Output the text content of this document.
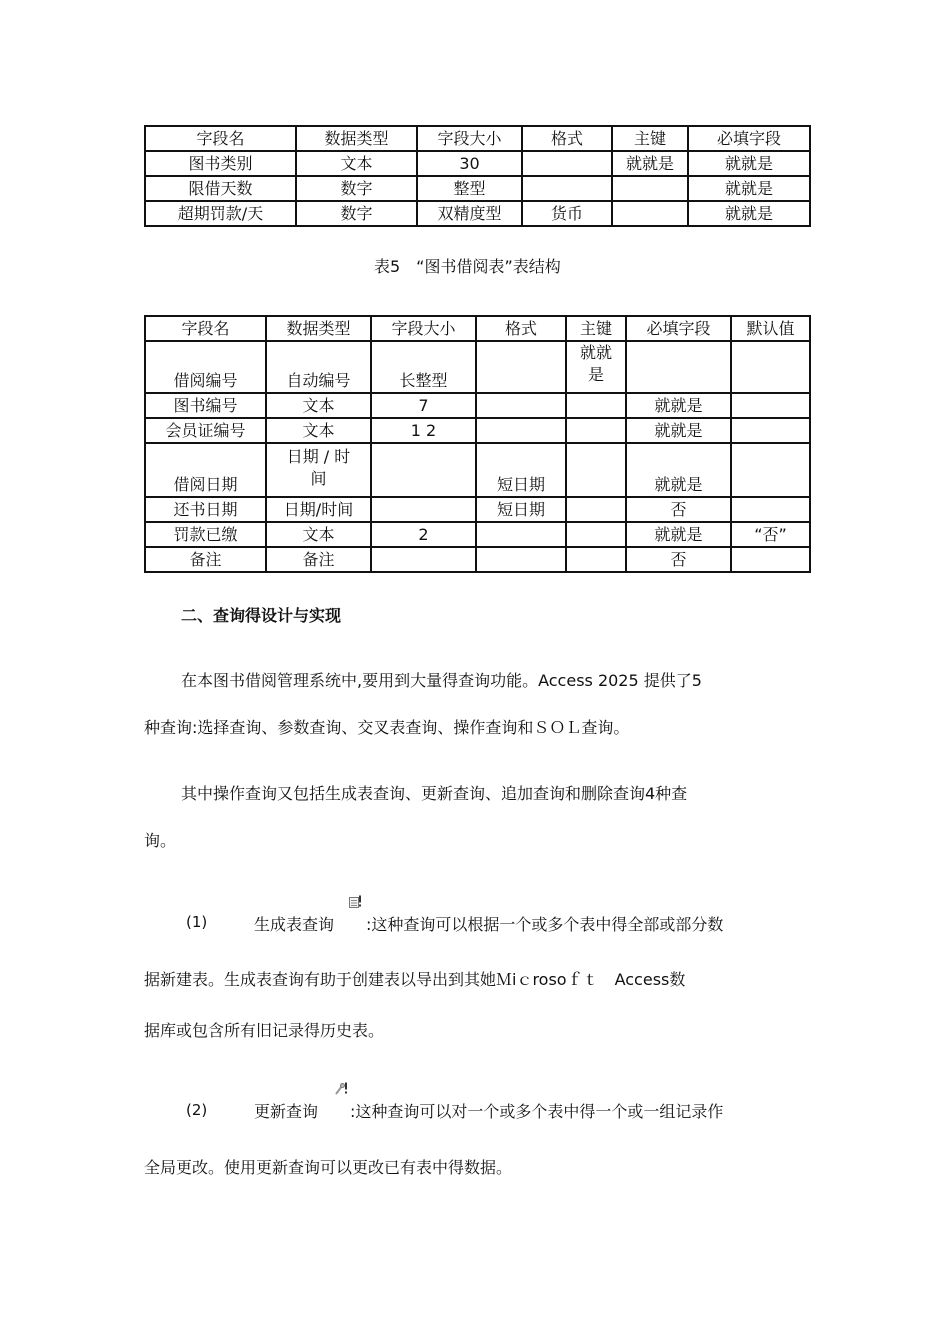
字段名	数据类型	字段大小	格式	主键	必填字段
图书类别	文本	30		就就是	就就是
限借天数	数字	整型			就就是
超期罚款/天	数字	双精度型	货币		就就是
表5　“图书借阅表”表结构
字段名	数据类型	字段大小	格式	主键	必填字段	默认值
借阅编号	自动编号	长整型		就就是		
图书编号	文本	7			就就是	
会员证编号	文本	1 2			就就是	
借阅日期	日期 / 时间		短日期		就就是	
还书日期	日期/时间		短日期		否	
罚款已缴	文本	2			就就是	“否”
备注	备注				否	
二、查询得设计与实现
在本图书借阅管理系统中,要用到大量得查询功能。Access 2025 提供了5
种查询:选择查询、参数查询、交叉表查询、操作查询和ＳＯＬ查询。
其中操作查询又包括生成表查询、更新查询、追加查询和删除查询4种查
询。
(1)	生成表查询 :这种查询可以根据一个或多个表中得全部或部分数
据新建表。生成表查询有助于创建表以导出到其她Ｍiｃrosoｆｔ　Access数
据库或包含所有旧记录得历史表。
(2)	更新查询 :这种查询可以对一个或多个表中得一个或一组记录作
全局更改。使用更新查询可以更改已有表中得数据。
